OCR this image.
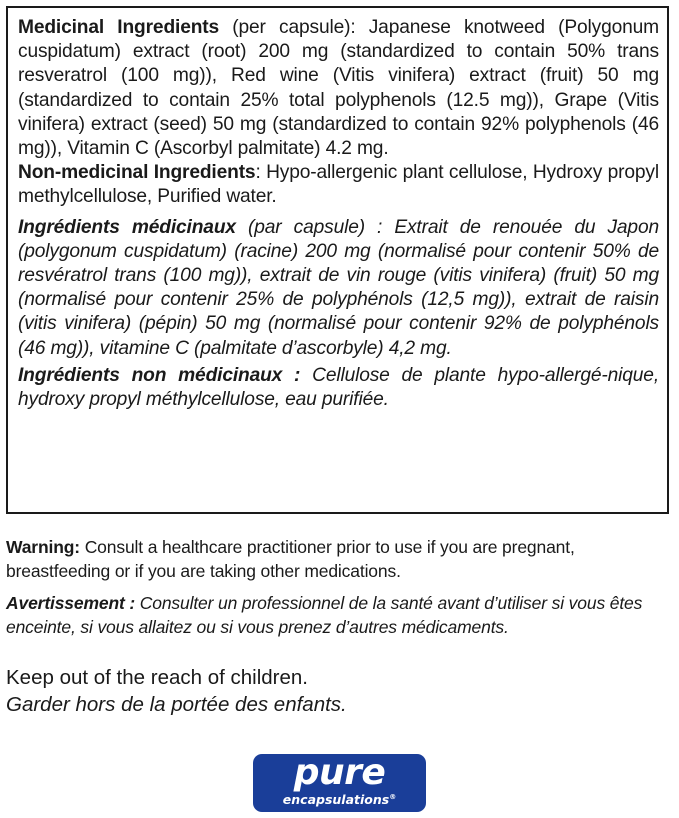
Medicinal Ingredients (per capsule): Japanese knotweed (Polygonum cuspidatum) extract (root) 200 mg (standardized to contain 50% trans resveratrol (100 mg)), Red wine (Vitis vinifera) extract (fruit) 50 mg (standardized to contain 25% total polyphenols (12.5 mg)), Grape (Vitis vinifera) extract (seed) 50 mg (standardized to contain 92% polyphenols (46 mg)), Vitamin C (Ascorbyl palmitate) 4.2 mg.

Non-medicinal Ingredients: Hypo-allergenic plant cellulose, Hydroxy propyl methylcellulose, Purified water.

Ingrédients médicinaux (par capsule) : Extrait de renouée du Japon (polygonum cuspidatum) (racine) 200 mg (normalisé pour contenir 50% de resvératrol trans (100 mg)), extrait de vin rouge (vitis vinifera) (fruit) 50 mg (normalisé pour contenir 25% de polyphénols (12,5 mg)), extrait de raisin (vitis vinifera) (pépin) 50 mg (normalisé pour contenir 92% de polyphénols (46 mg)), vitamine C (palmitate d’ascorbyle) 4,2 mg.

Ingrédients non médicinaux : Cellulose de plante hypo-allergé-nique, hydroxy propyl méthylcellulose, eau purifiée.

Warning: Consult a healthcare practitioner prior to use if you are pregnant, breastfeeding or if you are taking other medications.

Avertissement : Consulter un professionnel de la santé avant d’utiliser si vous êtes enceinte, si vous allaitez ou si vous prenez d’autres médicaments.

Keep out of the reach of children.

Garder hors de la portée des enfants.

pure
encapsulations®
